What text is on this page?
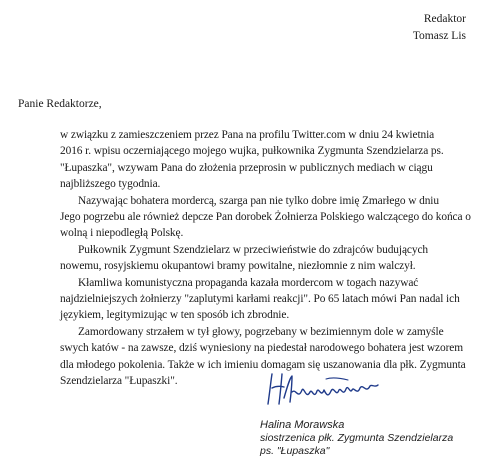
Redaktor
Tomasz Lis
Panie Redaktorze,

w związku z zamieszczeniem przez Pana na profilu Twitter.com w dniu 24 kwietnia
2016 r. wpisu oczerniającego mojego wujka, pułkownika Zygmunta Szendzielarza ps.
"Łupaszka", wzywam Pana do złożenia przeprosin w publicznych mediach w ciągu
najbliższego tygodnia.

Nazywając bohatera mordercą, szarga pan nie tylko dobre imię Zmarłego w dniu
Jego pogrzebu ale również depcze Pan dorobek Żołnierza Polskiego walczącego do końca o
wolną i niepodległą Polskę.

Pułkownik Zygmunt Szendzielarz w przeciwieństwie do zdrajców budujących
nowemu, rosyjskiemu okupantowi bramy powitalne, niezłomnie z nim walczył.

Kłamliwa komunistyczna propaganda kazała mordercom w togach nazywać
najdzielniejszych żołnierzy "zaplutymi karłami reakcji". Po 65 latach mówi Pan nadal ich
językiem, legitymizując w ten sposób ich zbrodnie.

Zamordowany strzałem w tył głowy, pogrzebany w bezimiennym dole w zamyśle
swych katów - na zawsze, dziś wyniesiony na piedestał narodowego bohatera jest wzorem
dla młodego pokolenia. Także w ich imieniu domagam się uszanowania dla płk. Zygmunta
Szendzielarza "Łupaszki".

Halina Morawska
siostrzenica płk. Zygmunta Szendzielarza
ps. "Łupaszka"
